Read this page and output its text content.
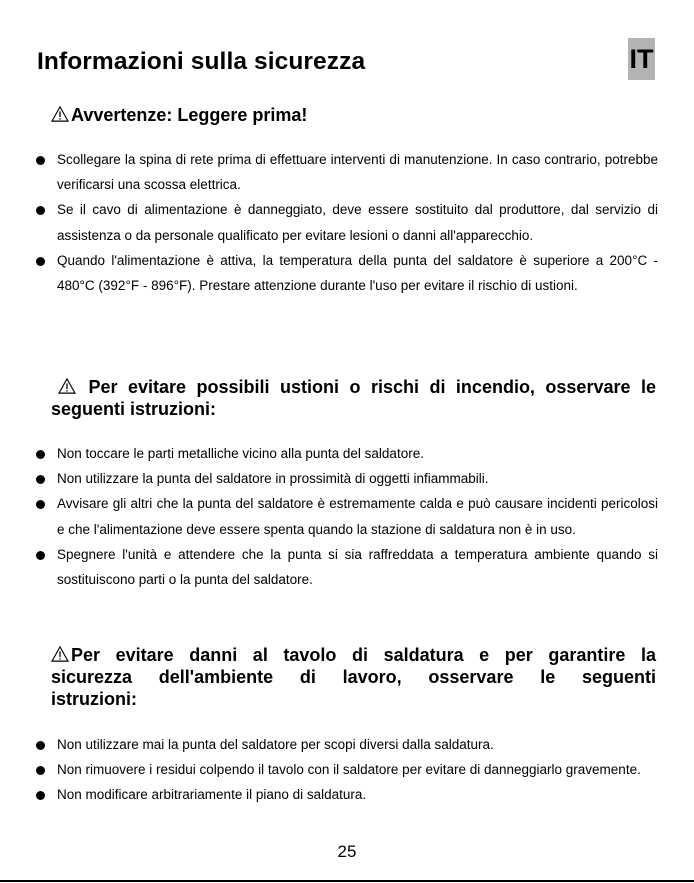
Informazioni sulla sicurezza	IT
Avvertenze: Leggere prima!
Scollegare la spina di rete prima di effettuare interventi di manutenzione. In caso contrario, potrebbe verificarsi una scossa elettrica.
Se il cavo di alimentazione è danneggiato, deve essere sostituito dal produttore, dal servizio di assistenza o da personale qualificato per evitare lesioni o danni all'apparecchio.
Quando l'alimentazione è attiva, la temperatura della punta del saldatore è superiore a 200°C - 480°C (392°F - 896°F). Prestare attenzione durante l'uso per evitare il rischio di ustioni.
Per evitare possibili ustioni o rischi di incendio, osservare le
seguenti istruzioni:
Non toccare le parti metalliche vicino alla punta del saldatore.
Non utilizzare la punta del saldatore in prossimità di oggetti infiammabili.
Avvisare gli altri che la punta del saldatore è estremamente calda e può causare incidenti pericolosi e che l'alimentazione deve essere spenta quando la stazione di saldatura non è in uso.
Spegnere l'unità e attendere che la punta si sia raffreddata a temperatura ambiente quando si sostituiscono parti o la punta del saldatore.
Per evitare danni al tavolo di saldatura e per garantire la
sicurezza dell'ambiente di lavoro, osservare le seguenti
istruzioni:
Non utilizzare mai la punta del saldatore per scopi diversi dalla saldatura.
Non rimuovere i residui colpendo il tavolo con il saldatore per evitare di danneggiarlo gravemente.
Non modificare arbitrariamente il piano di saldatura.
25
